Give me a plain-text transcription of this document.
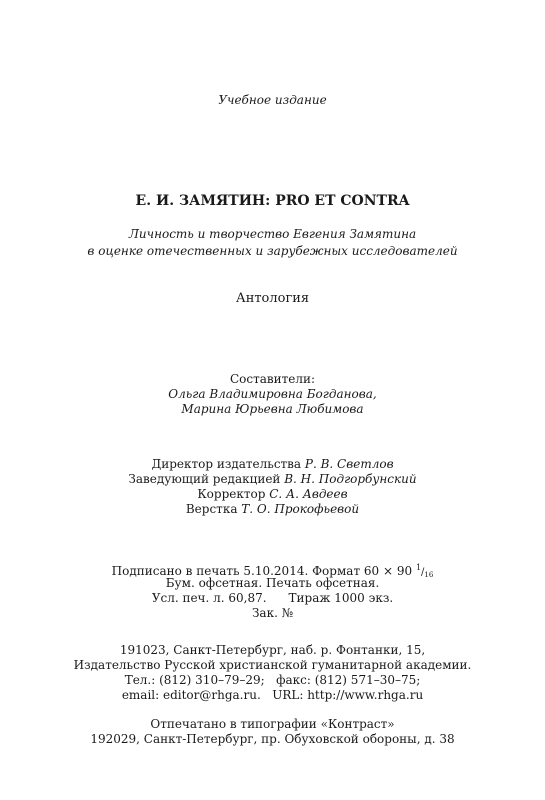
Учебное издание
Е. И. ЗАМЯТИН: PRO ET CONTRA
Личность и творчество Евгения Замятина
в оценке отечественных и зарубежных исследователей
Антология
Составители:
Ольга Владимировна Богданова,
Марина Юрьевна Любимова
Директор издательства Р. В. Светлов
Заведующий редакцией В. Н. Подгорбунский
Корректор С. А. Авдеев
Верстка Т. О. Прокофьевой
Подписано в печать 5.10.2014. Формат 60 × 90 $^1/_{16}$
Бум. офсетная. Печать офсетная.
Усл. печ. л. 60,87. Тираж 1000 экз.
Зак. №
191023, Санкт-Петербург, наб. р. Фонтанки, 15,
Издательство Русской христианской гуманитарной академии.
Тел.: (812) 310–79–29;   факс: (812) 571–30–75;
email: editor@rhga.ru.   URL: http://www.rhga.ru
Отпечатано в типографии «Контраст»
192029, Санкт-Петербург, пр. Обуховской обороны, д. 38
